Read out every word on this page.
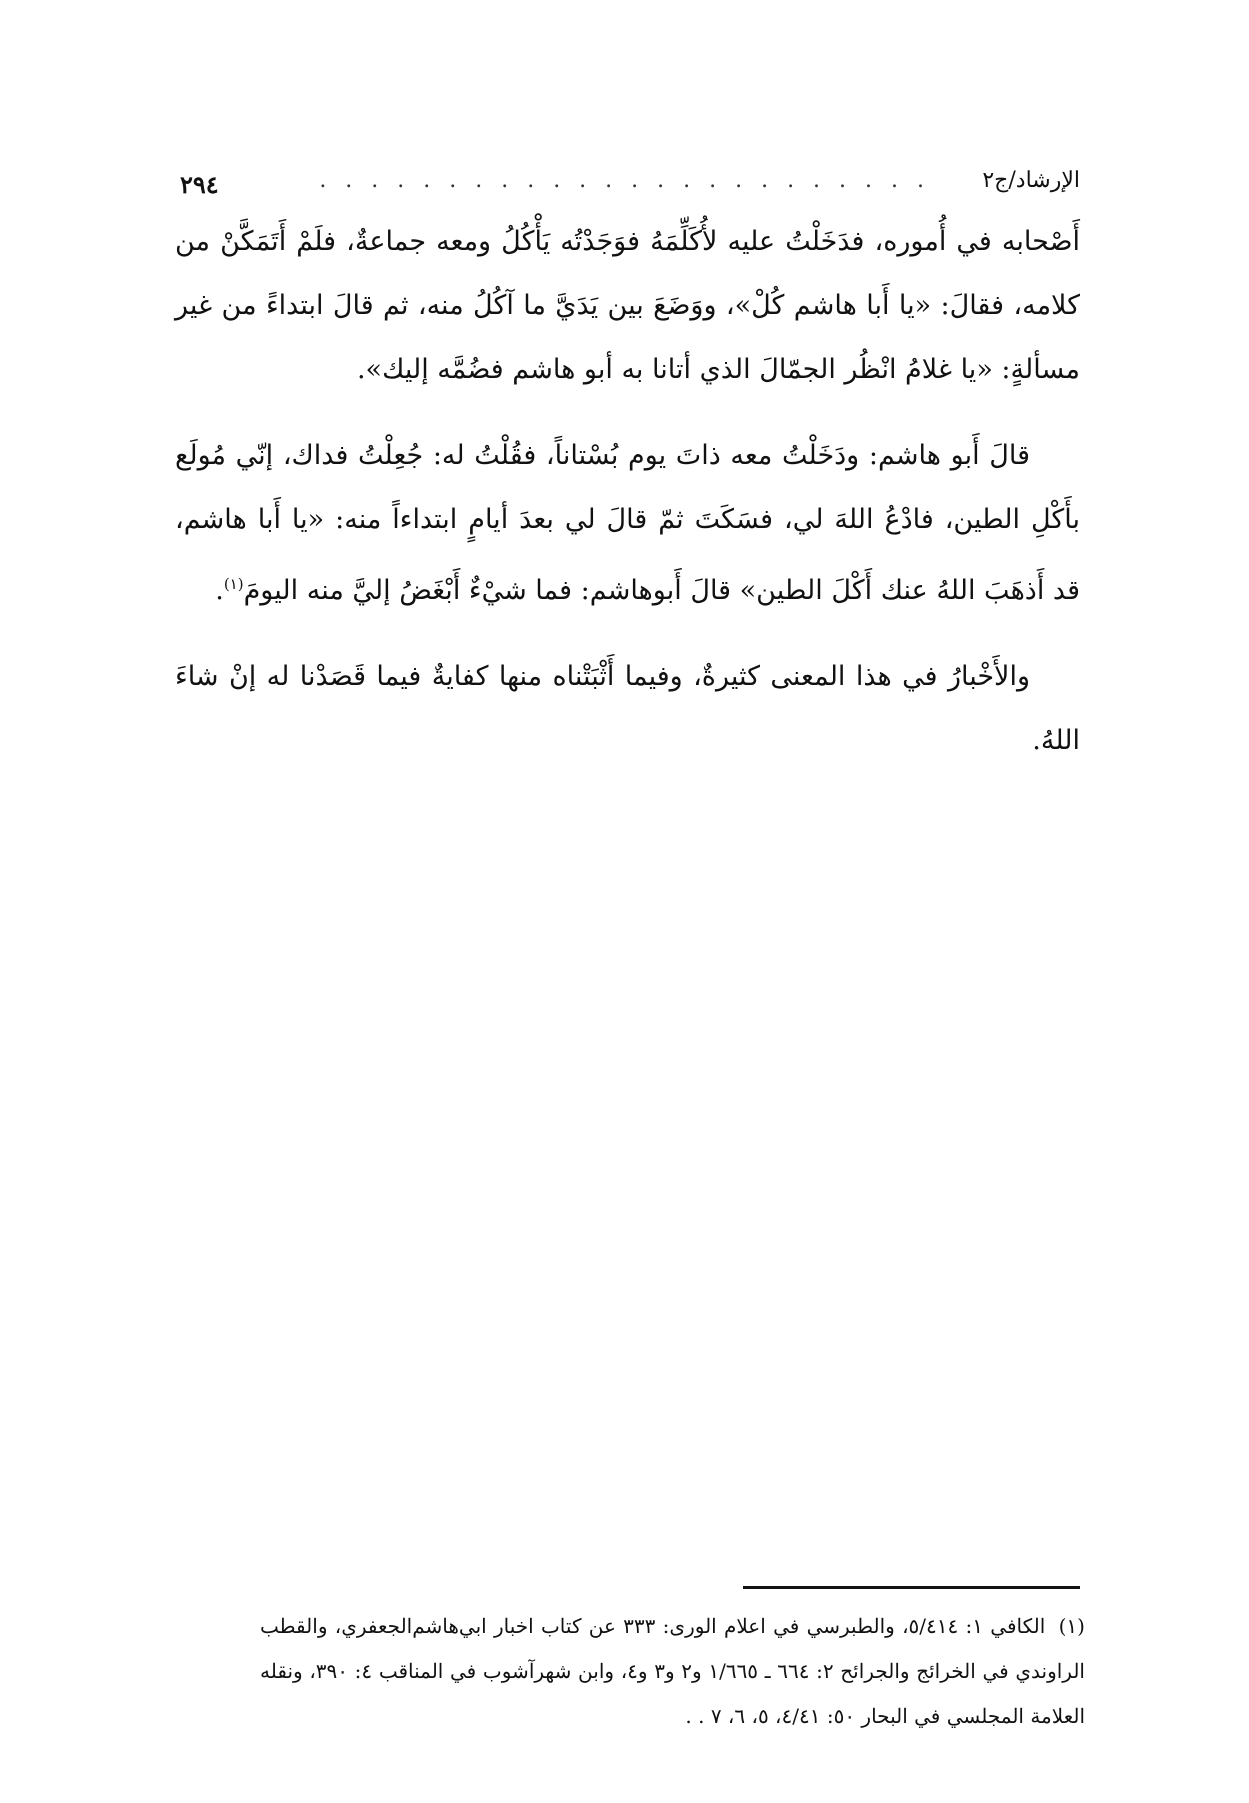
الإرشاد/ج٢
. . . . . . . . . . . . . . . . . . . . . . . .
٢٩٤

أَصْحابه في أُموره، فدَخَلْتُ عليه لأُكَلِّمَهُ فوَجَدْتُه يَأْكُلُ ومعه جماعةٌ، فلَمْ أَتَمَكَّنْ من كلامه، فقالَ: «يا أَبا هاشم كُلْ»، ووَضَعَ بين يَدَيَّ ما آكُلُ منه، ثم قالَ ابتداءً من غير مسألةٍ: «يا غلامُ انْظُر الجمّالَ الذي أتانا به أبو هاشم فضُمَّه إليك».

قالَ أَبو هاشم: ودَخَلْتُ معه ذاتَ يوم بُسْتاناً، فقُلْتُ له: جُعِلْتُ فداك، إنّي مُولَع بأَكْلِ الطين، فادْعُ اللهَ لي، فسَكَتَ ثمّ قالَ لي بعدَ أيامٍ ابتداءاً منه: «يا أَبا هاشم، قد أَذهَبَ اللهُ عنك أَكْلَ الطين» قالَ أَبوهاشم: فما شيْءٌ أَبْغَضُ إليَّ منه اليومَ$^{(١)}$.

والأَخْبارُ في هذا المعنى كثيرةٌ، وفيما أَثْبَتْناه منها كفايةٌ فيما قَصَدْنا له إنْ شاءَ اللهُ.

(١) الكافي ١: ٥/٤١٤، والطبرسي في اعلام الورى: ٣٣٣ عن كتاب اخبار ابي‌هاشم‌الجعفري، والقطب الراوندي في الخرائج والجرائح ٢: ٦٦٤ ـ ١/٦٦٥ و٢ و٣ و٤، وابن شهرآشوب في المناقب ٤: ٣٩٠، ونقله العلامة المجلسي في البحار ٥٠: ٤/٤١، ٥، ٦، ٧ . .
